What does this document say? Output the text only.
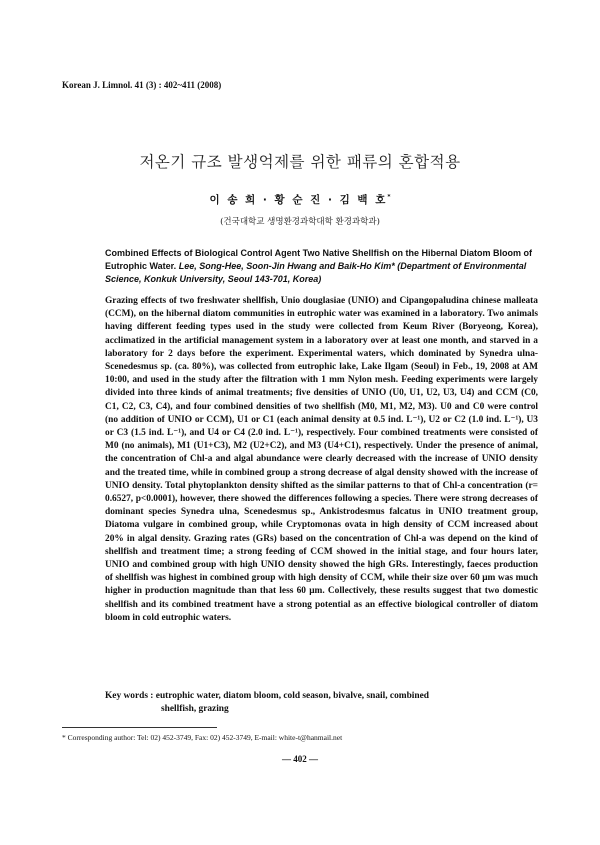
Korean J. Limnol. 41 (3) : 402~411 (2008)
저온기 규조 발생억제를 위한 패류의 혼합적용
이 송 희 · 황 순 진 · 김 백 호*
(건국대학교 생명환경과학대학 환경과학과)
Combined Effects of Biological Control Agent Two Native Shellfish on the Hibernal Diatom Bloom of Eutrophic Water. Lee, Song-Hee, Soon-Jin Hwang and Baik-Ho Kim* (Department of Environmental Science, Konkuk University, Seoul 143-701, Korea)
Grazing effects of two freshwater shellfish, Unio douglasiae (UNIO) and Cipangopaludina chinese malleata (CCM), on the hibernal diatom communities in eutrophic water was examined in a laboratory. Two animals having different feeding types used in the study were collected from Keum River (Boryeong, Korea), acclimatized in the artificial management system in a laboratory over at least one month, and starved in a laboratory for 2 days before the experiment. Experimental waters, which dominated by Synedra ulna-Scenedesmus sp. (ca. 80%), was collected from eutrophic lake, Lake Ilgam (Seoul) in Feb., 19, 2008 at AM 10:00, and used in the study after the filtration with 1 mm Nylon mesh. Feeding experiments were largely divided into three kinds of animal treatments; five densities of UNIO (U0, U1, U2, U3, U4) and CCM (C0, C1, C2, C3, C4), and four combined densities of two shellfish (M0, M1, M2, M3). U0 and C0 were control (no addition of UNIO or CCM), U1 or C1 (each animal density at 0.5 ind. L⁻¹), U2 or C2 (1.0 ind. L⁻¹), U3 or C3 (1.5 ind. L⁻¹), and U4 or C4 (2.0 ind. L⁻¹), respectively. Four combined treatments were consisted of M0 (no animals), M1 (U1+C3), M2 (U2+C2), and M3 (U4+C1), respectively. Under the presence of animal, the concentration of Chl-a and algal abundance were clearly decreased with the increase of UNIO density and the treated time, while in combined group a strong decrease of algal density showed with the increase of UNIO density. Total phytoplankton density shifted as the similar patterns to that of Chl-a concentration (r= 0.6527, p<0.0001), however, there showed the differences following a species. There were strong decreases of dominant species Synedra ulna, Scenedesmus sp., Ankistrodesmus falcatus in UNIO treatment group, Diatoma vulgare in combined group, while Cryptomonas ovata in high density of CCM increased about 20% in algal density. Grazing rates (GRs) based on the concentration of Chl-a was depend on the kind of shellfish and treatment time; a strong feeding of CCM showed in the initial stage, and four hours later, UNIO and combined group with high UNIO density showed the high GRs. Interestingly, faeces production of shellfish was highest in combined group with high density of CCM, while their size over 60 μm was much higher in production magnitude than that less 60 μm. Collectively, these results suggest that two domestic shellfish and its combined treatment have a strong potential as an effective biological controller of diatom bloom in cold eutrophic waters.
Key words : eutrophic water, diatom bloom, cold season, bivalve, snail, combined
shellfish, grazing
* Corresponding author: Tel: 02) 452-3749, Fax: 02) 452-3749, E-mail: white-t@hanmail.net
— 402 —
